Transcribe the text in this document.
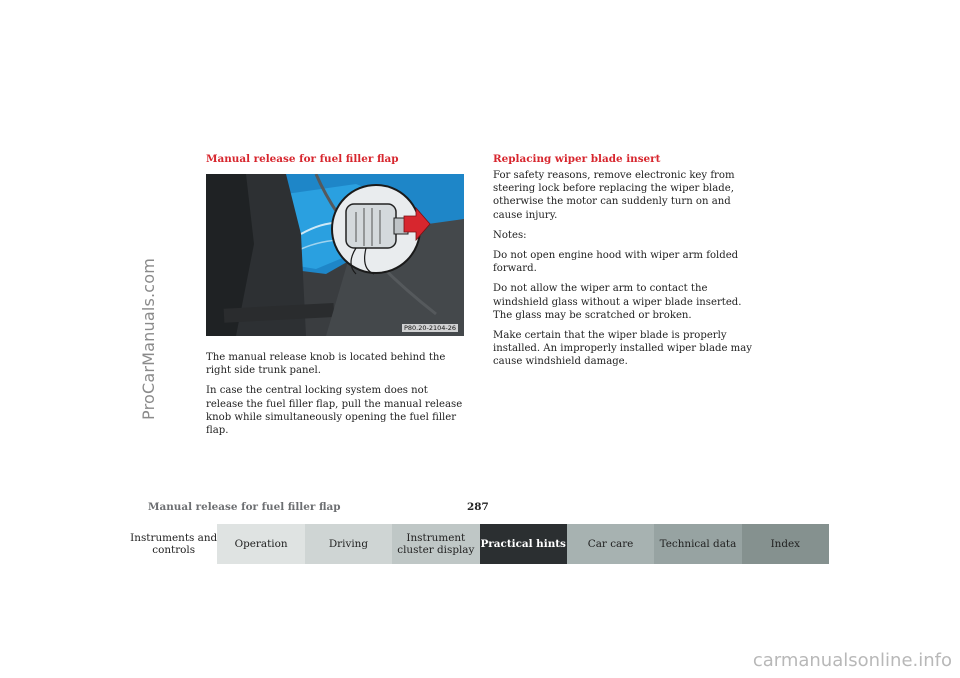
ProCarManuals.com
Manual release for fuel filler flap
P80.20-2104-26

The manual release knob is located behind the right side trunk panel.

In case the central locking system does not release the fuel filler flap, pull the manual release knob while simultaneously opening the fuel filler flap.

Replacing wiper blade insert

For safety reasons, remove electronic key from steering lock before replacing the wiper blade, otherwise the motor can suddenly turn on and cause injury.

Notes:

Do not open engine hood with wiper arm folded forward.

Do not allow the wiper arm to contact the windshield glass without a wiper blade inserted. The glass may be scratched or broken.

Make certain that the wiper blade is properly installed. An improperly installed wiper blade may cause windshield damage.

Manual release for fuel filler flap	287
Instruments and controls	Operation	Driving	Instrument cluster display Practical hints Car care	Technical data	Index
carmanualsonline.info
